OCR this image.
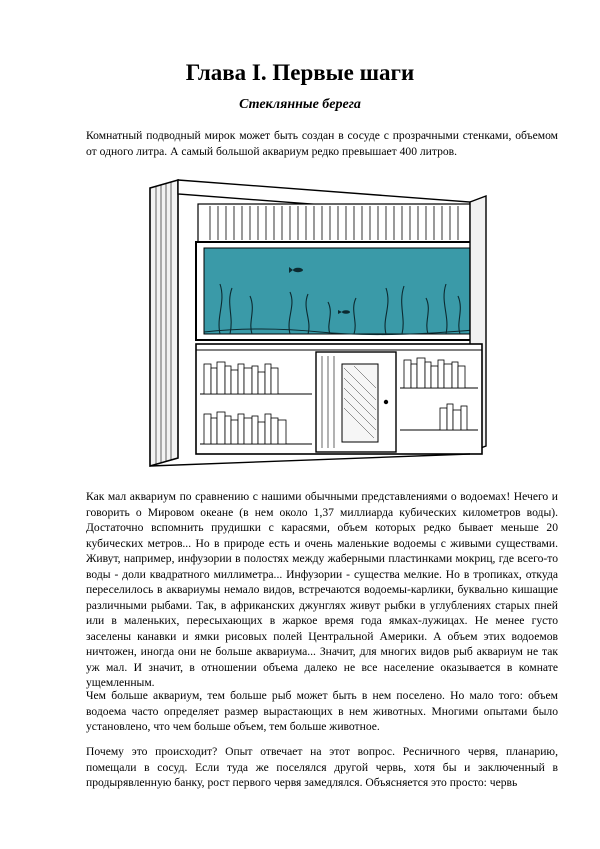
Глава I. Первые шаги
Стеклянные берега

Комнатный подводный мирок может быть создан в сосуде с прозрачными стенками, объемом от одного литра. А самый большой аквариум редко превышает 400 литров.

Как мал аквариум по сравнению с нашими обычными представлениями о водоемах! Нечего и говорить о Мировом океане (в нем около 1,37 миллиарда кубических километров воды). Достаточно вспомнить прудишки с карасями, объем которых редко бывает меньше 20 кубических метров... Но в природе есть и очень маленькие водоемы с живыми существами. Живут, например, инфузории в полостях между жаберными пластинками мокриц, где всего-то воды - доли квадратного миллиметра... Инфузории - существа мелкие. Но в тропиках, откуда переселилось в аквариумы немало видов, встречаются водоемы-карлики, буквально кишащие различными рыбами. Так, в африканских джунглях живут рыбки в углублениях старых пней или в маленьких, пересыхающих в жаркое время года ямках-лужицах. Не менее густо заселены канавки и ямки рисовых полей Центральной Америки. А объем этих водоемов ничтожен, иногда они не больше аквариума... Значит, для многих видов рыб аквариум не так уж мал. И значит, в отношении объема далеко не все население оказывается в комнате ущемленным.

Чем больше аквариум, тем больше рыб может быть в нем поселено. Но мало того: объем водоема часто определяет размер вырастающих в нем животных. Многими опытами было установлено, что чем больше объем, тем больше животное.

Почему это происходит? Опыт отвечает на этот вопрос. Ресничного червя, планарию, помещали в сосуд. Если туда же поселялся другой червь, хотя бы и заключенный в продырявленную банку, рост первого червя замедлялся. Объясняется это просто: червь
